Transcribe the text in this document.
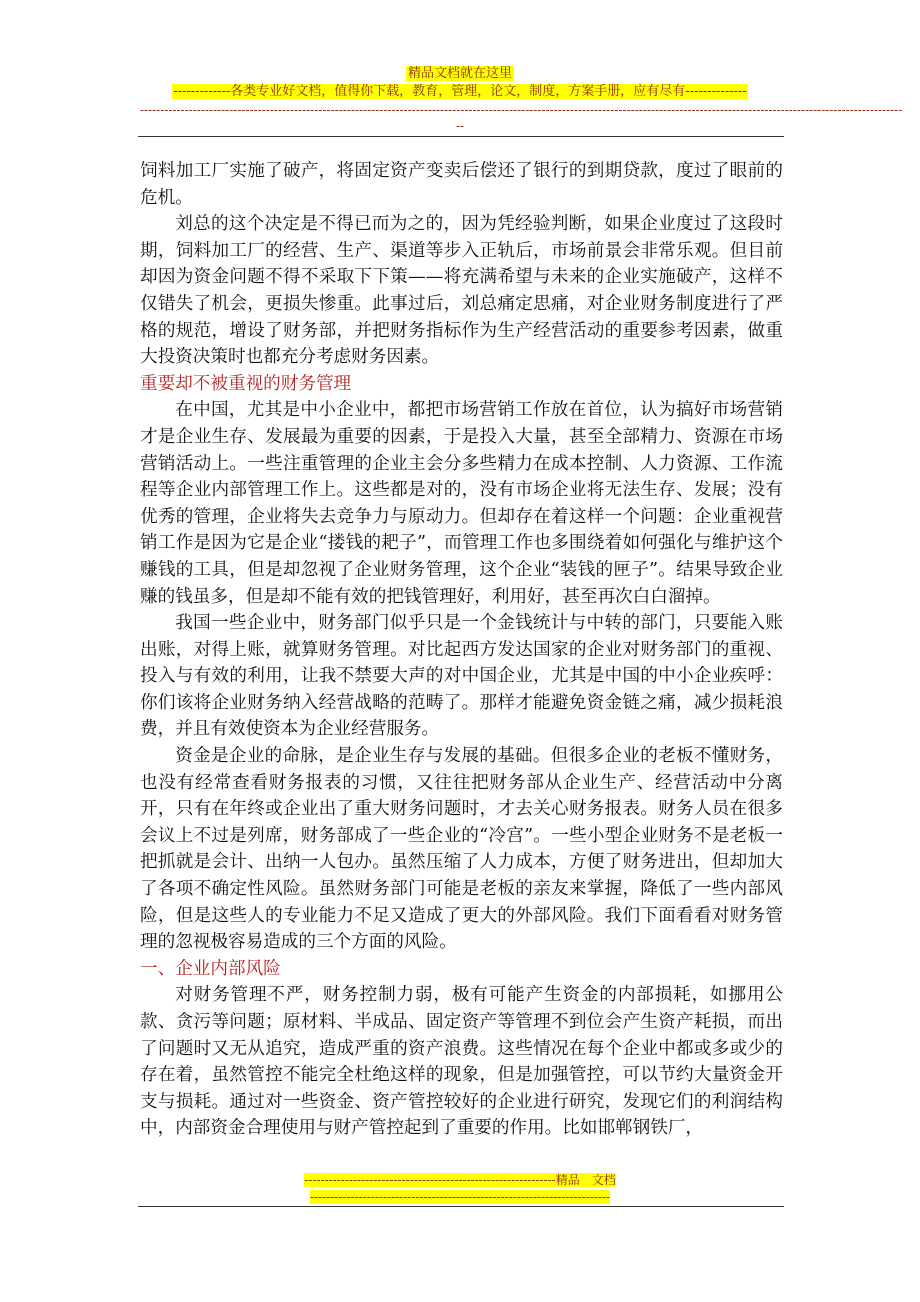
精品文档就在这里
-------------各类专业好文档，值得你下载，教育，管理，论文，制度，方案手册，应有尽有--------------
--------------------------------------------------------------------------------------------------------------------------------------------------------------------------------------------
--

饲料加工厂实施了破产，将固定资产变卖后偿还了银行的到期贷款，度过了眼前的危机。

刘总的这个决定是不得已而为之的，因为凭经验判断，如果企业度过了这段时期，饲料加工厂的经营、生产、渠道等步入正轨后，市场前景会非常乐观。但目前却因为资金问题不得不采取下下策——将充满希望与未来的企业实施破产，这样不仅错失了机会，更损失惨重。此事过后，刘总痛定思痛，对企业财务制度进行了严格的规范，增设了财务部，并把财务指标作为生产经营活动的重要参考因素，做重大投资决策时也都充分考虑财务因素。

重要却不被重视的财务管理

在中国，尤其是中小企业中，都把市场营销工作放在首位，认为搞好市场营销才是企业生存、发展最为重要的因素，于是投入大量，甚至全部精力、资源在市场营销活动上。一些注重管理的企业主会分多些精力在成本控制、人力资源、工作流程等企业内部管理工作上。这些都是对的，没有市场企业将无法生存、发展；没有优秀的管理，企业将失去竞争力与原动力。但却存在着这样一个问题：企业重视营销工作是因为它是企业“搂钱的耙子”，而管理工作也多围绕着如何强化与维护这个赚钱的工具，但是却忽视了企业财务管理，这个企业“装钱的匣子”。结果导致企业赚的钱虽多，但是却不能有效的把钱管理好，利用好，甚至再次白白溜掉。

我国一些企业中，财务部门似乎只是一个金钱统计与中转的部门，只要能入账出账，对得上账，就算财务管理。对比起西方发达国家的企业对财务部门的重视、投入与有效的利用，让我不禁要大声的对中国企业，尤其是中国的中小企业疾呼：你们该将企业财务纳入经营战略的范畴了。那样才能避免资金链之痛，减少损耗浪费，并且有效使资本为企业经营服务。

资金是企业的命脉，是企业生存与发展的基础。但很多企业的老板不懂财务，也没有经常查看财务报表的习惯，又往往把财务部从企业生产、经营活动中分离开，只有在年终或企业出了重大财务问题时，才去关心财务报表。财务人员在很多会议上不过是列席，财务部成了一些企业的“冷宫”。一些小型企业财务不是老板一把抓就是会计、出纳一人包办。虽然压缩了人力成本，方便了财务进出，但却加大了各项不确定性风险。虽然财务部门可能是老板的亲友来掌握，降低了一些内部风险，但是这些人的专业能力不足又造成了更大的外部风险。我们下面看看对财务管理的忽视极容易造成的三个方面的风险。

一、企业内部风险

对财务管理不严，财务控制力弱，极有可能产生资金的内部损耗，如挪用公款、贪污等问题；原材料、半成品、固定资产等管理不到位会产生资产耗损，而出了问题时又无从追究，造成严重的资产浪费。这些情况在每个企业中都或多或少的存在着，虽然管控不能完全杜绝这样的现象，但是加强管控，可以节约大量资金开支与损耗。通过对一些资金、资产管控较好的企业进行研究，发现它们的利润结构中，内部资金合理使用与财产管控起到了重要的作用。比如邯郸钢铁厂，

--------------------------------------------------------------精品　文档
--------------------------------------------------------------------------
